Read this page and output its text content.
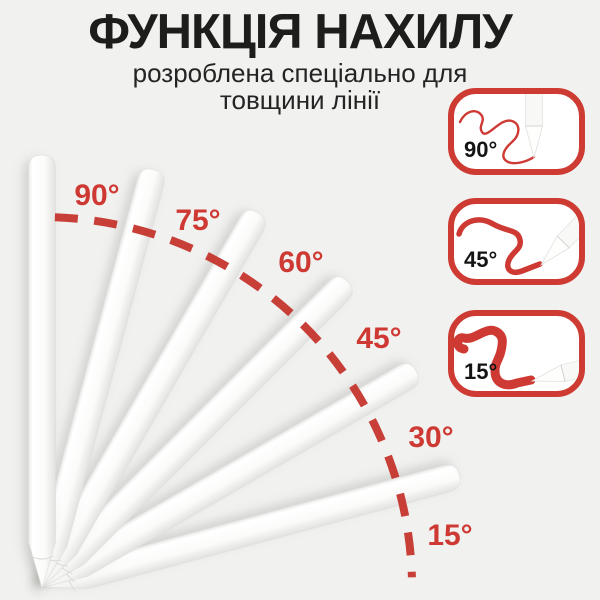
ФУНКЦІЯ НАХИЛУ
розроблена спеціально для
товщини лінії
90°
75°
60°
45°
30°
15°
90°
45°
15°
